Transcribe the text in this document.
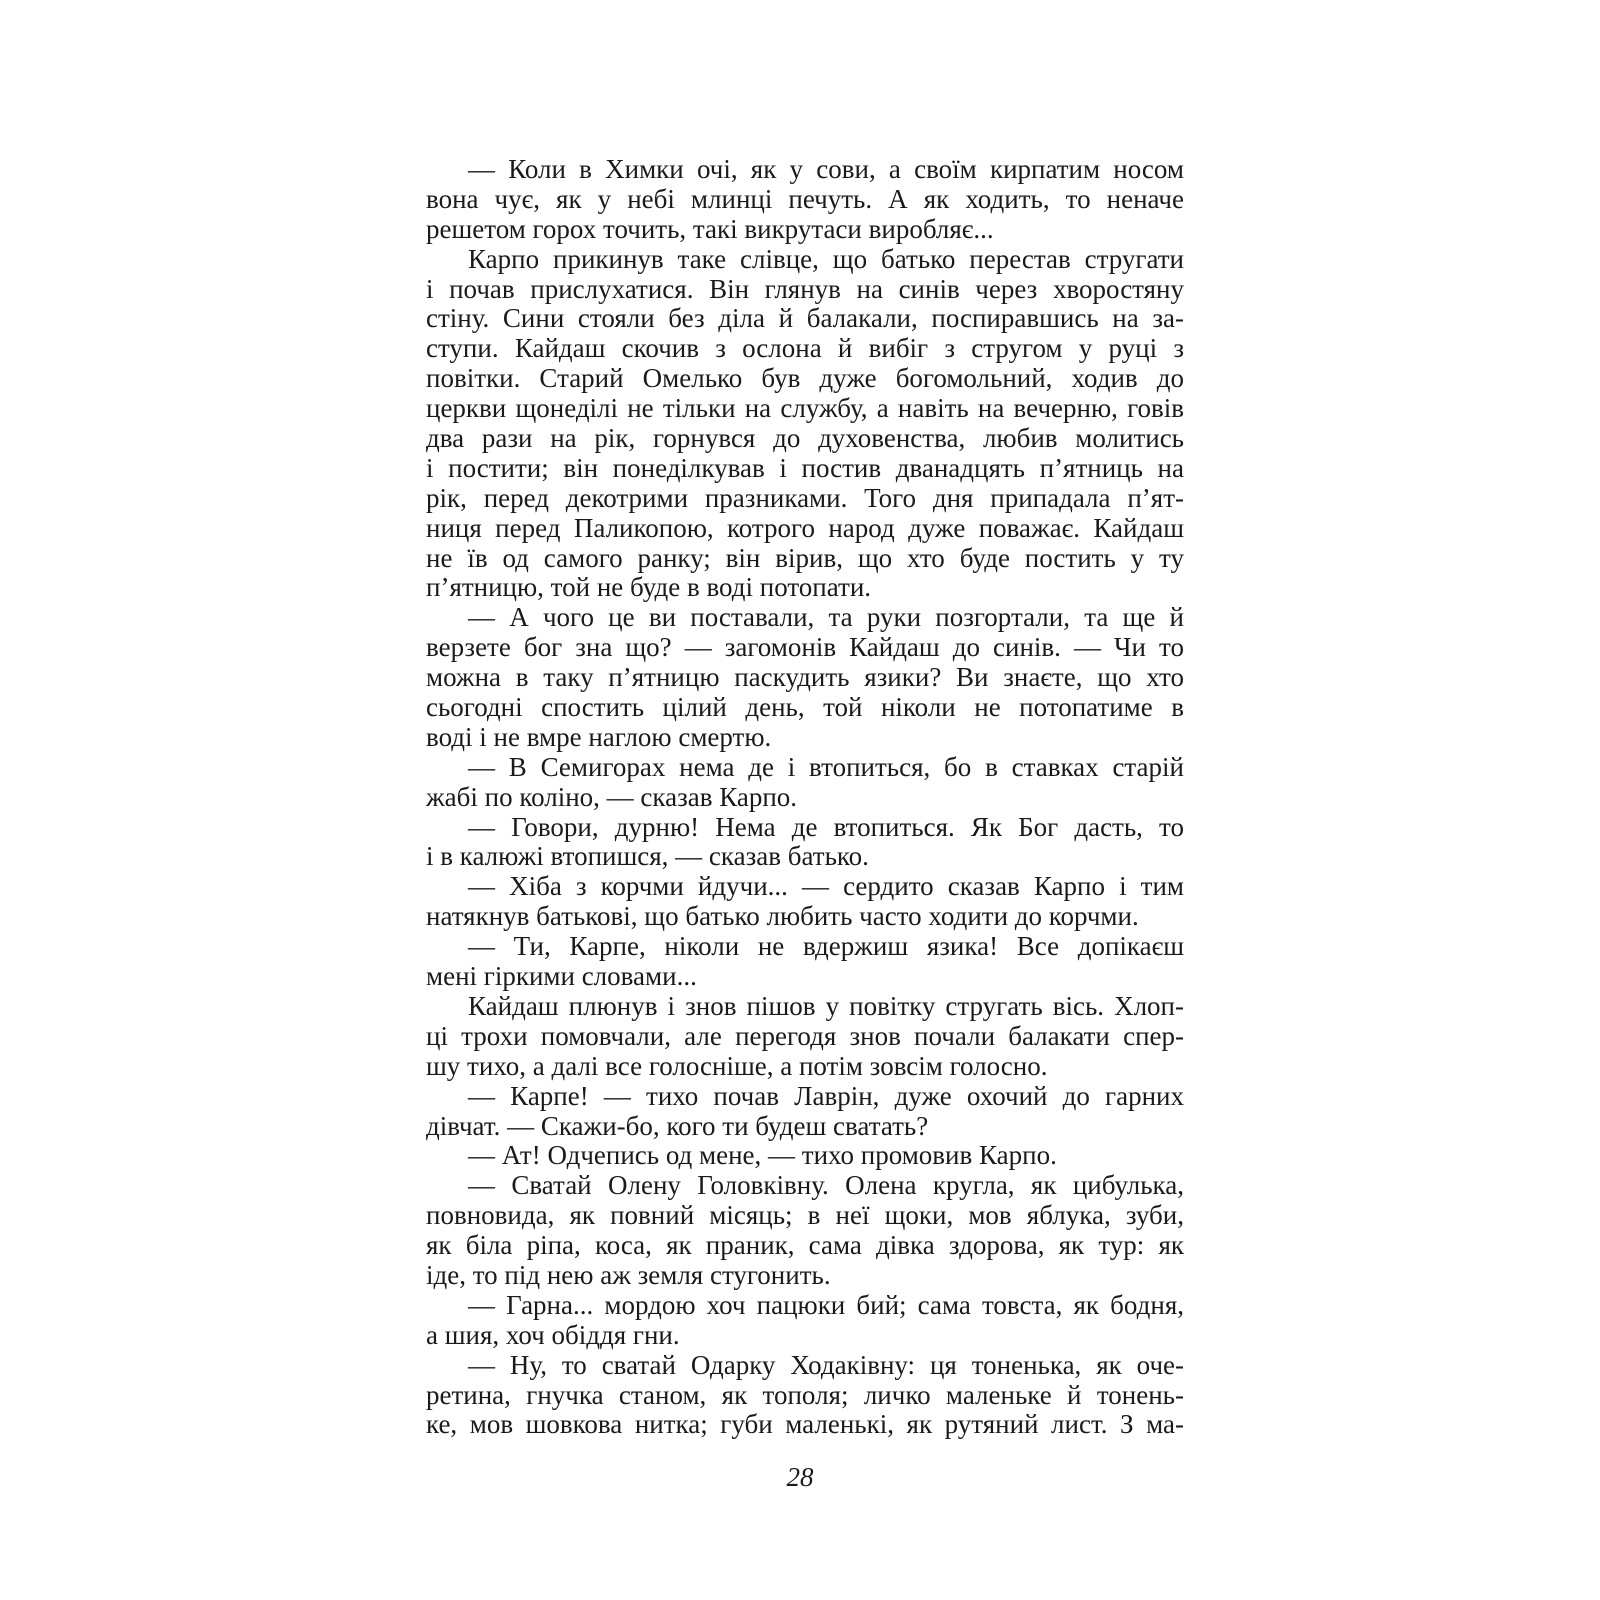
— Коли в Химки очі, як у сови, а своїм кирпатим носом
вона чує, як у небі млинці печуть. А як ходить, то неначе
решетом горох точить, такі викрутаси виробляє...
Карпо прикинув таке слівце, що батько перестав стругати
і почав прислухатися. Він глянув на синів через хворостяну
стіну. Сини стояли без діла й балакали, поспиравшись на за-
ступи. Кайдаш скочив з ослона й вибіг з стругом у руці з
повітки. Старий Омелько був дуже богомольний, ходив до
церкви щонеділі не тільки на службу, а навіть на вечерню, говів
два рази на рік, горнувся до духовенства, любив молитись
і постити; він понеділкував і постив дванадцять п’ятниць на
рік, перед декотрими празниками. Того дня припадала п’ят-
ниця перед Паликопою, котрого народ дуже поважає. Кайдаш
не їв од самого ранку; він вірив, що хто буде постить у ту
п’ятницю, той не буде в воді потопати.
— А чого це ви поставали, та руки позгортали, та ще й
верзете бог зна що? — загомонів Кайдаш до синів. — Чи то
можна в таку п’ятницю паскудить язики? Ви знаєте, що хто
сьогодні спостить цілий день, той ніколи не потопатиме в
воді і не вмре наглою смертю.
— В Семигорах нема де і втопиться, бо в ставках старій
жабі по коліно, — сказав Карпо.
— Говори, дурню! Нема де втопиться. Як Бог дасть, то
і в калюжі втопишся, — сказав батько.
— Хіба з корчми йдучи... — сердито сказав Карпо і тим
натякнув батькові, що батько любить часто ходити до корчми.
— Ти, Карпе, ніколи не вдержиш язика! Все допікаєш
мені гіркими словами...
Кайдаш плюнув і знов пішов у повітку стругать вісь. Хлоп-
ці трохи помовчали, але перегодя знов почали балакати спер-
шу тихо, а далі все голосніше, а потім зовсім голосно.
— Карпе! — тихо почав Лаврін, дуже охочий до гарних
дівчат. — Скажи-бо, кого ти будеш сватать?
— Ат! Одчепись од мене, — тихо промовив Карпо.
— Сватай Олену Головківну. Олена кругла, як цибулька,
повновида, як повний місяць; в неї щоки, мов яблука, зуби,
як біла ріпа, коса, як праник, сама дівка здорова, як тур: як
іде, то під нею аж земля стугонить.
— Гарна... мордою хоч пацюки бий; сама товста, як бодня,
а шия, хоч обіддя гни.
— Ну, то сватай Одарку Ходаківну: ця тоненька, як оче-
ретина, гнучка станом, як тополя; личко маленьке й тонень-
ке, мов шовкова нитка; губи маленькі, як рутяний лист. З ма-
28
